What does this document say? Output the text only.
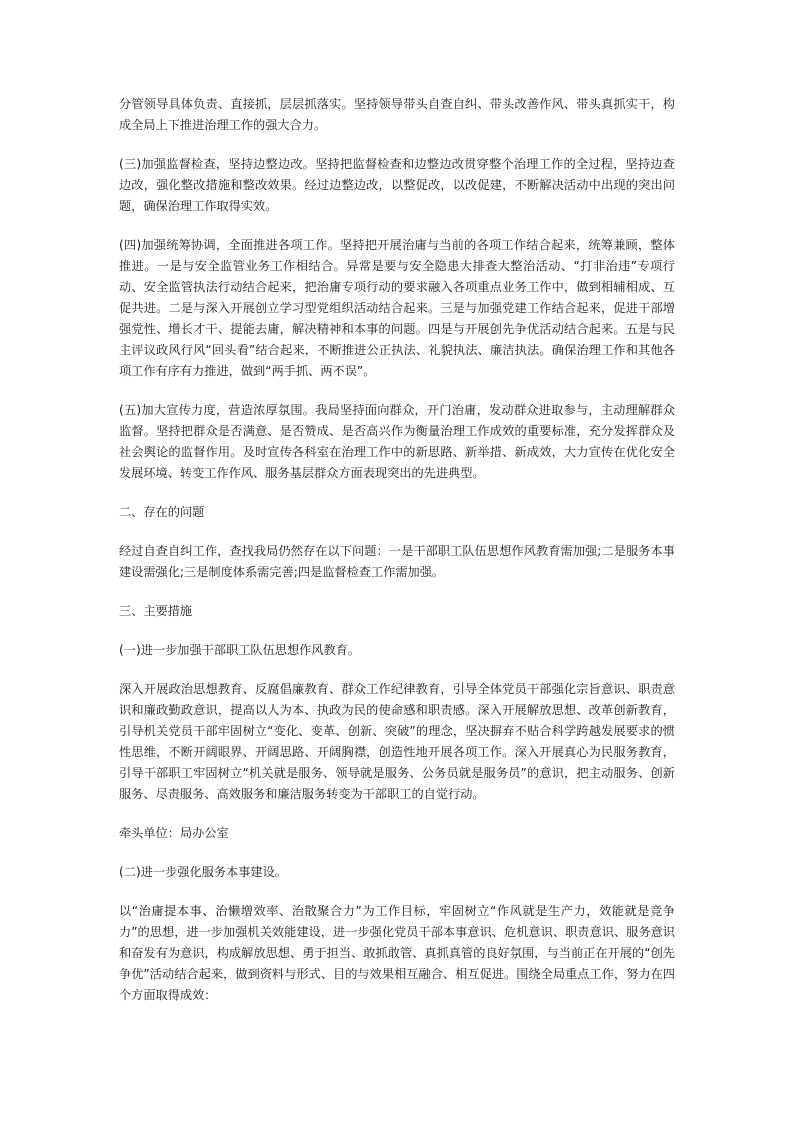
分管领导具体负责、直接抓，层层抓落实。坚持领导带头自查自纠、带头改善作风、带头真抓实干，构成全局上下推进治理工作的强大合力。

(三)加强监督检查，坚持边整边改。坚持把监督检查和边整边改贯穿整个治理工作的全过程，坚持边查边改，强化整改措施和整改效果。经过边整边改，以整促改，以改促建，不断解决活动中出现的突出问题，确保治理工作取得实效。

(四)加强统筹协调，全面推进各项工作。坚持把开展治庸与当前的各项工作结合起来，统筹兼顾，整体推进。一是与安全监管业务工作相结合。异常是要与安全隐患大排查大整治活动、“打非治违”专项行动、安全监管执法行动结合起来，把治庸专项行动的要求融入各项重点业务工作中，做到相辅相成、互促共进。二是与深入开展创立学习型党组织活动结合起来。三是与加强党建工作结合起来，促进干部增强党性、增长才干、提能去庸，解决精神和本事的问题。四是与开展创先争优活动结合起来。五是与民主评议政风行风“回头看”结合起来，不断推进公正执法、礼貌执法、廉洁执法。确保治理工作和其他各项工作有序有力推进，做到“两手抓、两不误”。

(五)加大宣传力度，营造浓厚氛围。我局坚持面向群众，开门治庸，发动群众进取参与，主动理解群众监督。坚持把群众是否满意、是否赞成、是否高兴作为衡量治理工作成效的重要标准，充分发挥群众及社会舆论的监督作用。及时宣传各科室在治理工作中的新思路、新举措、新成效，大力宣传在优化安全发展环境、转变工作作风、服务基层群众方面表现突出的先进典型。

二、存在的问题

经过自查自纠工作，查找我局仍然存在以下问题：一是干部职工队伍思想作风教育需加强;二是服务本事建设需强化;三是制度体系需完善;四是监督检查工作需加强。

三、主要措施

(一)进一步加强干部职工队伍思想作风教育。

深入开展政治思想教育、反腐倡廉教育、群众工作纪律教育，引导全体党员干部强化宗旨意识、职责意识和廉政勤政意识，提高以人为本、执政为民的使命感和职责感。深入开展解放思想、改革创新教育，引导机关党员干部牢固树立“变化、变革、创新、突破”的理念，坚决摒弃不贴合科学跨越发展要求的惯性思维，不断开阔眼界、开阔思路、开阔胸襟，创造性地开展各项工作。深入开展真心为民服务教育，引导干部职工牢固树立“机关就是服务、领导就是服务、公务员就是服务员”的意识，把主动服务、创新服务、尽责服务、高效服务和廉洁服务转变为干部职工的自觉行动。

牵头单位：局办公室

(二)进一步强化服务本事建设。

以“治庸提本事、治懒增效率、治散聚合力”为工作目标，牢固树立“作风就是生产力，效能就是竞争力”的思想，进一步加强机关效能建设，进一步强化党员干部本事意识、危机意识、职责意识、服务意识和奋发有为意识，构成解放思想、勇于担当、敢抓敢管、真抓真管的良好氛围，与当前正在开展的“创先争优”活动结合起来，做到资料与形式、目的与效果相互融合、相互促进。围绕全局重点工作，努力在四个方面取得成效：
